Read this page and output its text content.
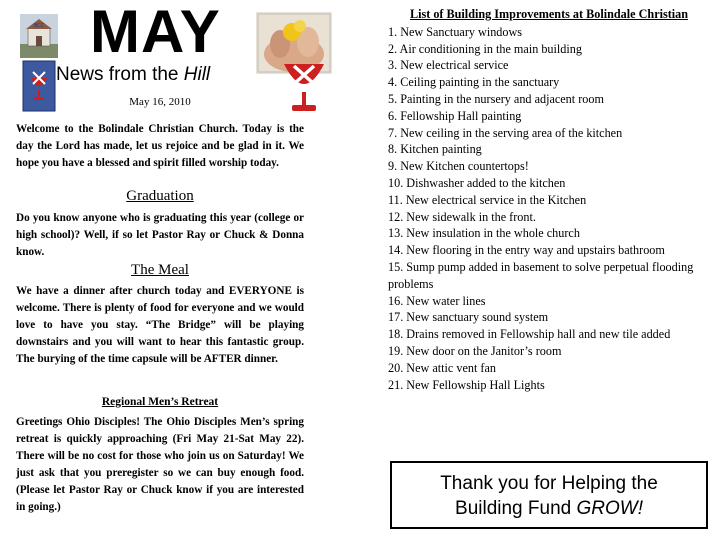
BCC MAY
News from the Hill
May 16, 2010

Welcome to the Bolindale Christian Church. Today is the day the Lord has made, let us rejoice and be glad in it. We hope you have a blessed and spirit filled worship today.

Graduation

Do you know anyone who is graduating this year (college or high school)? Well, if so let Pastor Ray or Chuck & Donna know.

The Meal

We have a dinner after church today and EVERYONE is welcome. There is plenty of food for everyone and we would love to have you stay. “The Bridge” will be playing downstairs and you will want to hear this fantastic group. The burying of the time capsule will be AFTER dinner.

Regional Men’s Retreat

Greetings Ohio Disciples! The Ohio Disciples Men’s spring retreat is quickly approaching (Fri May 21-Sat May 22). There will be no cost for those who join us on Saturday! We just ask that you preregister so we can buy enough food. (Please let Pastor Ray or Chuck know if you are interested in going.)

List of Building Improvements at Bolindale Christian
1. New Sanctuary windows
2. Air conditioning in the main building
3. New electrical service
4. Ceiling painting in the sanctuary
5. Painting in the nursery and adjacent room
6. Fellowship Hall painting
7. New ceiling in the serving area of the kitchen
8. Kitchen painting
9. New Kitchen countertops!
10. Dishwasher added to the kitchen
11. New electrical service in the Kitchen
12. New sidewalk in the front.
13. New insulation in the whole church
14. New flooring in the entry way and upstairs bathroom
15. Sump pump added in basement to solve perpetual flooding problems
16. New water lines
17. New sanctuary sound system
18. Drains removed in Fellowship hall and new tile added
19. New door on the Janitor’s room
20. New attic vent fan
21. New Fellowship Hall Lights
Thank you for Helping the
Building Fund GROW!
